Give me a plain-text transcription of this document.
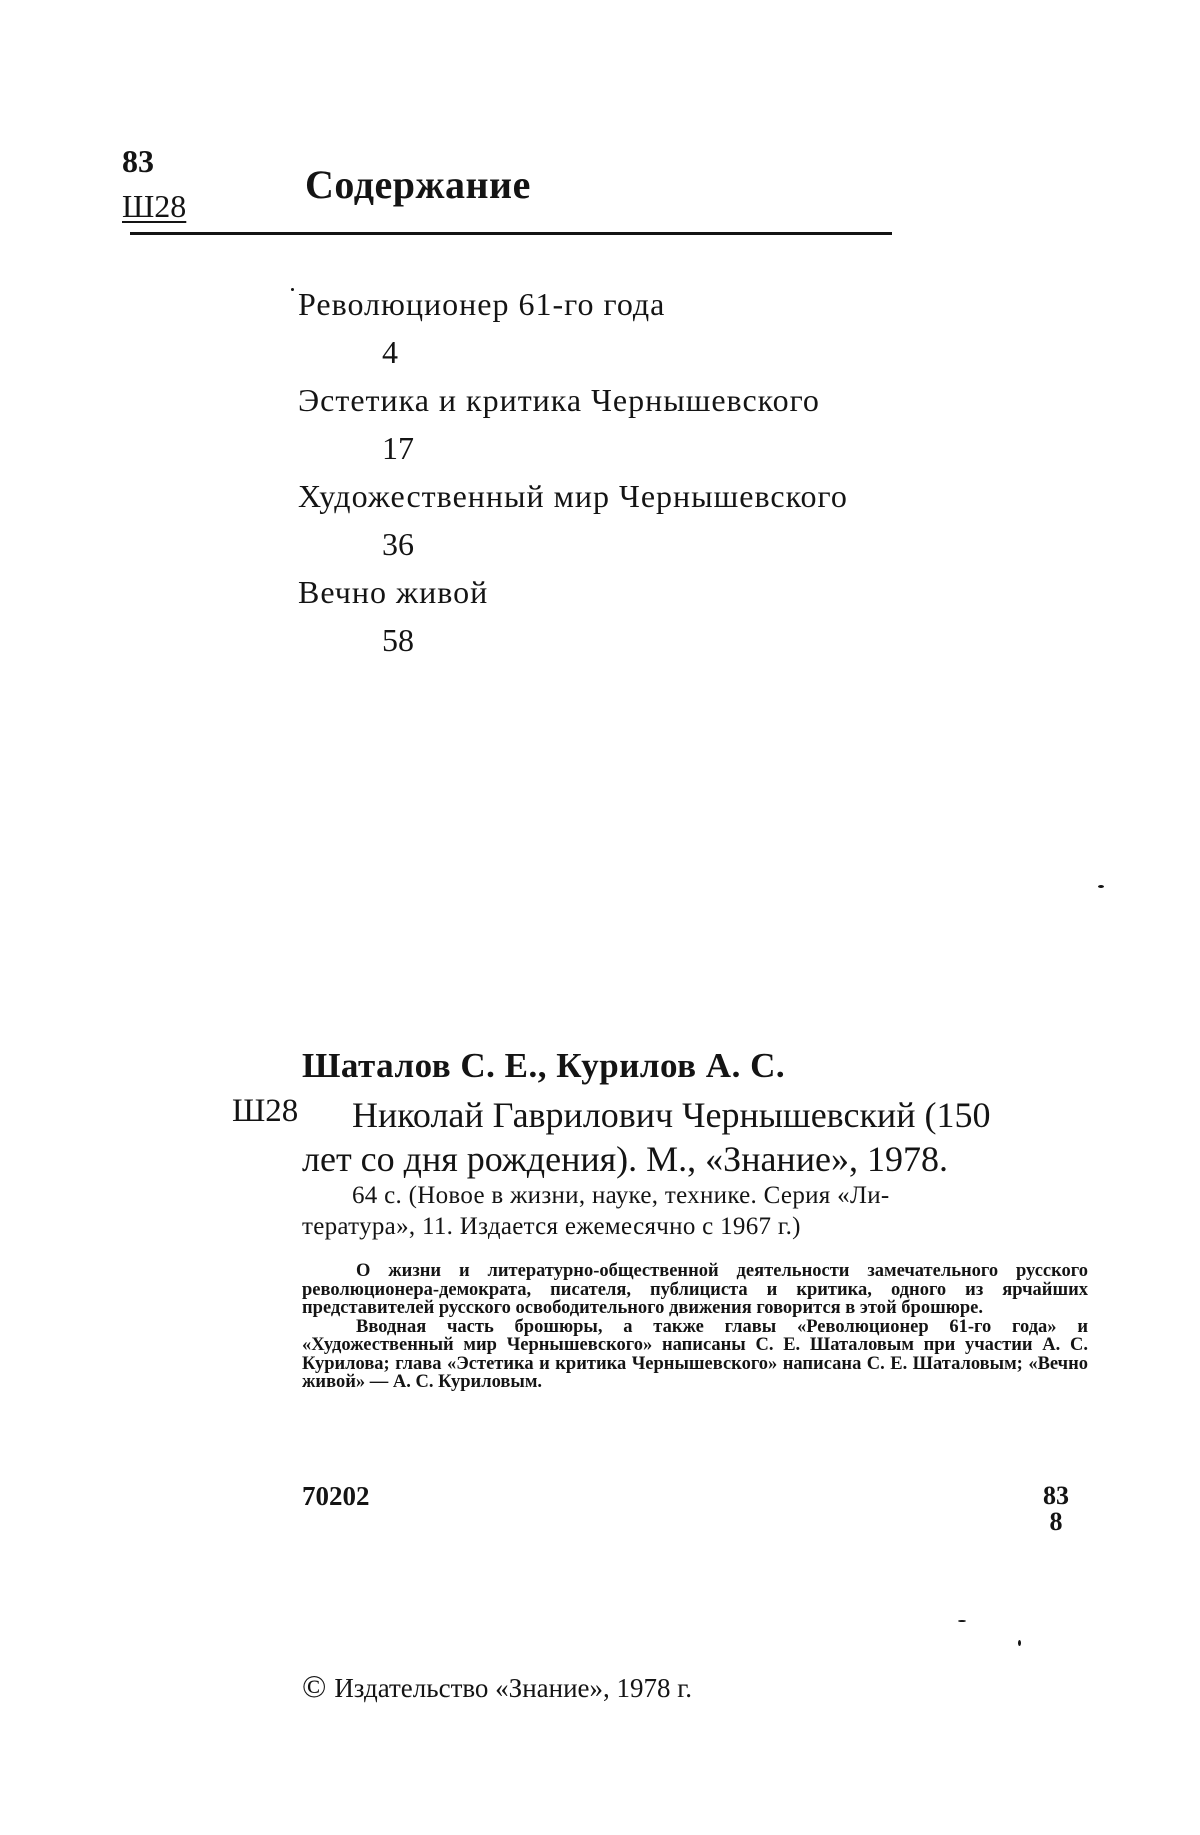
83
Ш28	Содержание
Революционер 61-го года
4
Эстетика и критика Чернышевского
17
Художественный мир Чернышевского
36
Вечно живой
58
Шаталов С. Е., Курилов А. С.
Ш28 Николай Гаврилович Чернышевский (150
лет со дня рождения). М., «Знание», 1978.
64 с. (Новое в жизни, науке, технике. Серия «Ли-
тература», 11. Издается ежемесячно с 1967 г.)

О жизни и литературно-общественной деятельности замечательного русского революционера-демократа, писателя, публициста и критика, одного из ярчайших представителей русского освободительного движения говорится в этой брошюре.

Вводная часть брошюры, а также главы «Революционер 61-го года» и «Художественный мир Чернышевского» написаны С. Е. Шаталовым при участии А. С. Курилова; глава «Эстетика и критика Чернышевского» написана С. Е. Шаталовым; «Вечно живой» — А. С. Куриловым.

70202	83
8
© Издательство «Знание», 1978 г.
